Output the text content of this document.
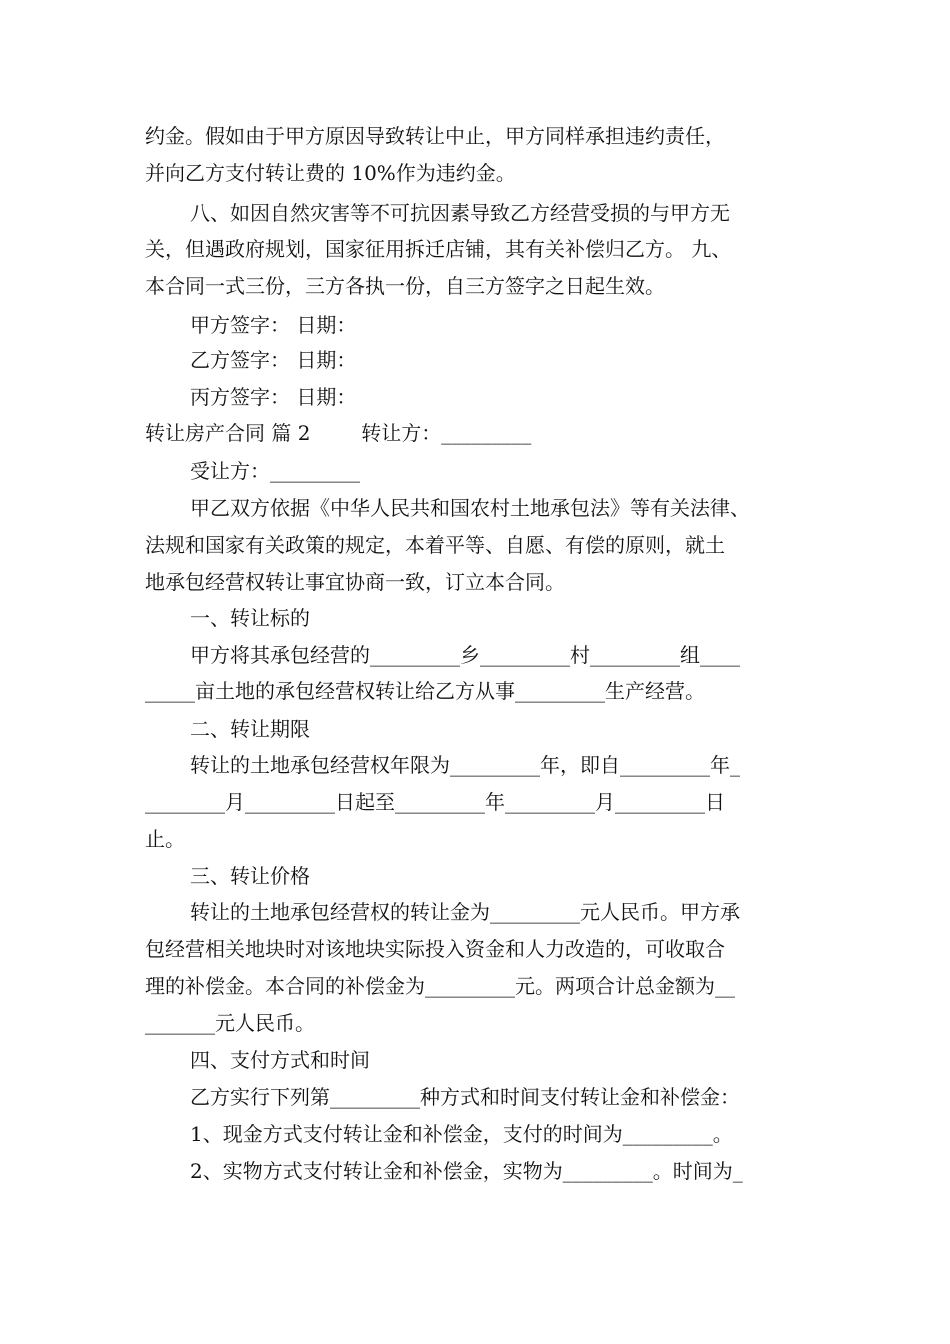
约金。假如由于甲方原因导致转让中止，甲方同样承担违约责任，
并向乙方支付转让费的 10%作为违约金。
八、如因自然灾害等不可抗因素导致乙方经营受损的与甲方无
关，但遇政府规划，国家征用拆迁店铺，其有关补偿归乙方。 九、
本合同一式三份，三方各执一份，自三方签字之日起生效。
甲方签字： 日期：
乙方签字： 日期：
丙方签字： 日期：
转让房产合同 篇 2        转让方：_________
受让方：_________
甲乙双方依据《中华人民共和国农村土地承包法》等有关法律、
法规和国家有关政策的规定，本着平等、自愿、有偿的原则，就土
地承包经营权转让事宜协商一致，订立本合同。
一、转让标的
甲方将其承包经营的_________乡_________村_________组____
_____亩土地的承包经营权转让给乙方从事_________生产经营。
二、转让期限
转让的土地承包经营权年限为_________年，即自_________年_
________月_________日起至_________年_________月_________日
止。
三、转让价格
转让的土地承包经营权的转让金为_________元人民币。甲方承
包经营相关地块时对该地块实际投入资金和人力改造的，可收取合
理的补偿金。本合同的补偿金为_________元。两项合计总金额为__
_______元人民币。
四、支付方式和时间
乙方实行下列第_________种方式和时间支付转让金和补偿金：
1、现金方式支付转让金和补偿金，支付的时间为_________。
2、实物方式支付转让金和补偿金，实物为_________。时间为_
